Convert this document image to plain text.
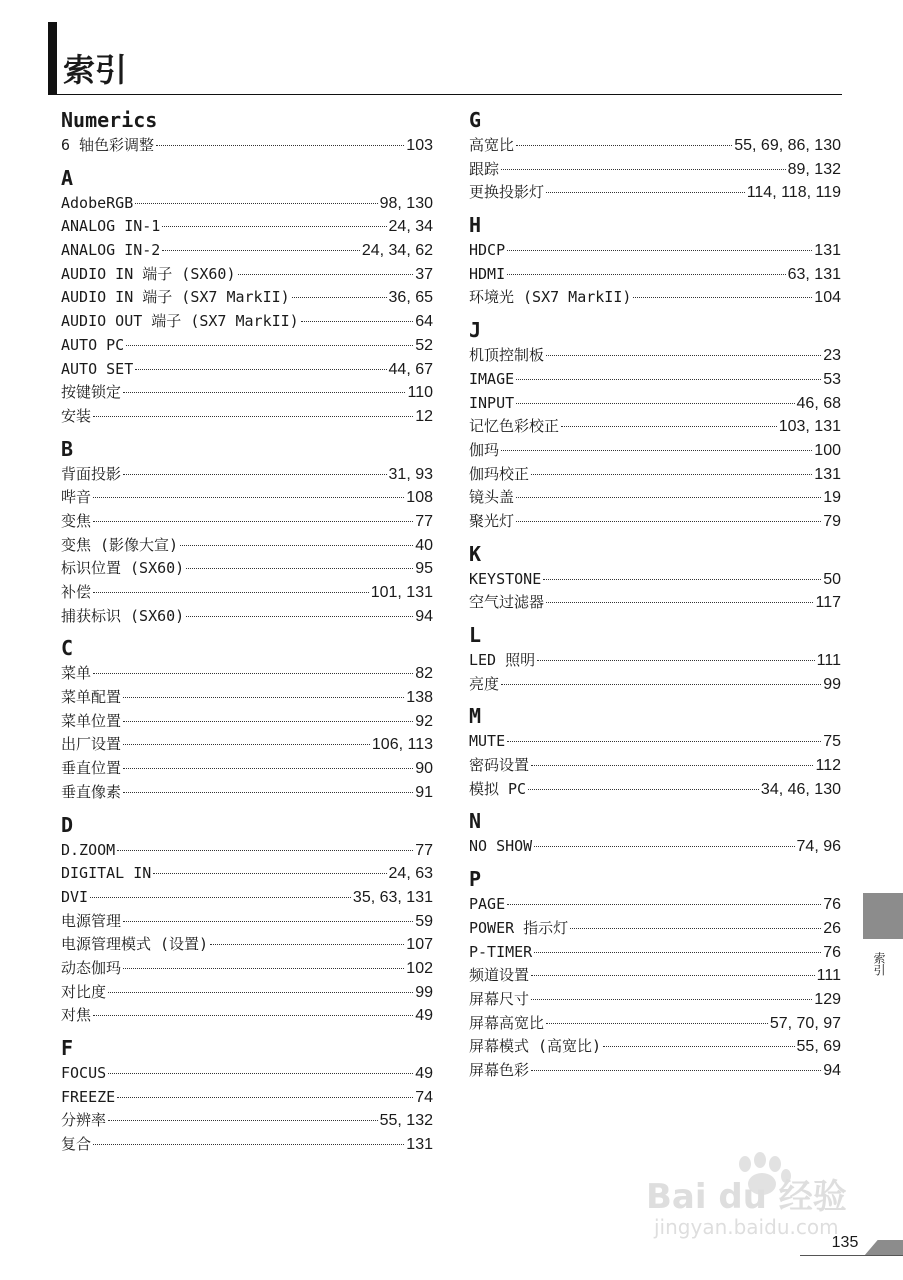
索引
Numerics
6 轴色彩调整	103
A
AdobeRGB	98, 130
ANALOG IN-1	24, 34
ANALOG IN-2	24, 34, 62
AUDIO IN 端子 (SX60)	37
AUDIO IN 端子 (SX7 MarkII)	36, 65
AUDIO OUT 端子 (SX7 MarkII)	64
AUTO PC	52
AUTO SET	44, 67
按键锁定	110
安装	12
B
背面投影	31, 93
哔音	108
变焦	77
变焦 (影像大宣)	40
标识位置 (SX60)	95
补偿	101, 131
捕获标识 (SX60)	94
C
菜单	82
菜单配置	138
菜单位置	92
出厂设置	106, 113
垂直位置	90
垂直像素	91
D
D.ZOOM	77
DIGITAL IN	24, 63
DVI	35, 63, 131
电源管理	59
电源管理模式 (设置)	107
动态伽玛	102
对比度	99
对焦	49
F
FOCUS	49
FREEZE	74
分辨率	55, 132
复合	131
G
高宽比	55, 69, 86, 130
跟踪	89, 132
更换投影灯	114, 118, 119
H
HDCP	131
HDMI	63, 131
环境光 (SX7 MarkII)	104
J
机顶控制板	23
IMAGE	53
INPUT	46, 68
记忆色彩校正	103, 131
伽玛	100
伽玛校正	131
镜头盖	19
聚光灯	79
K
KEYSTONE	50
空气过滤器	117
L
LED 照明	111
亮度	99
M
MUTE	75
密码设置	112
模拟 PC	34, 46, 130
N
NO SHOW	74, 96
P
PAGE	76
POWER 指示灯	26
P-TIMER	76
频道设置	111
屏幕尺寸	129
屏幕高宽比	57, 70, 97
屏幕模式 (高宽比)	55, 69
屏幕色彩	94
索引
Bai du 经验
jingyan.baidu.com
135
